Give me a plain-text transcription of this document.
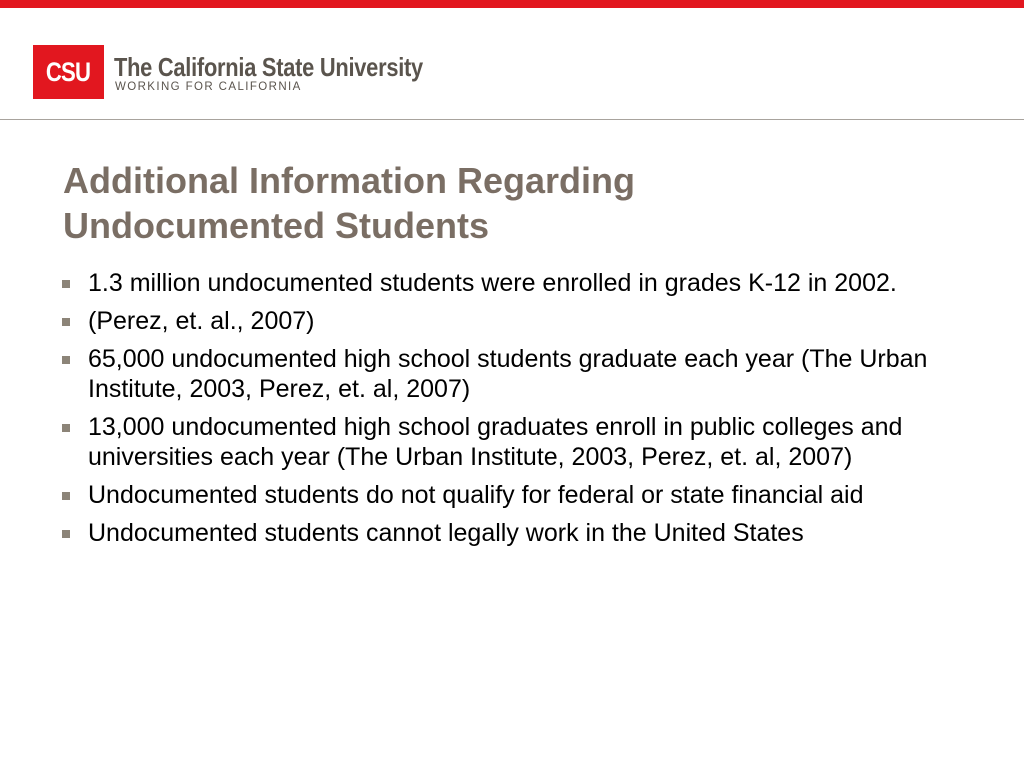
CSU The California State University
WORKING FOR CALIFORNIA
Additional Information Regarding
Undocumented Students
1.3 million undocumented students were enrolled in grades K-12 in 2002.
(Perez, et. al., 2007)
65,000 undocumented high school students graduate each year (The Urban Institute, 2003, Perez, et. al, 2007)
13,000 undocumented high school graduates enroll in public colleges and universities each year (The Urban Institute, 2003, Perez, et. al, 2007)
Undocumented students do not qualify for federal or state financial aid
Undocumented students cannot legally work in the United States
